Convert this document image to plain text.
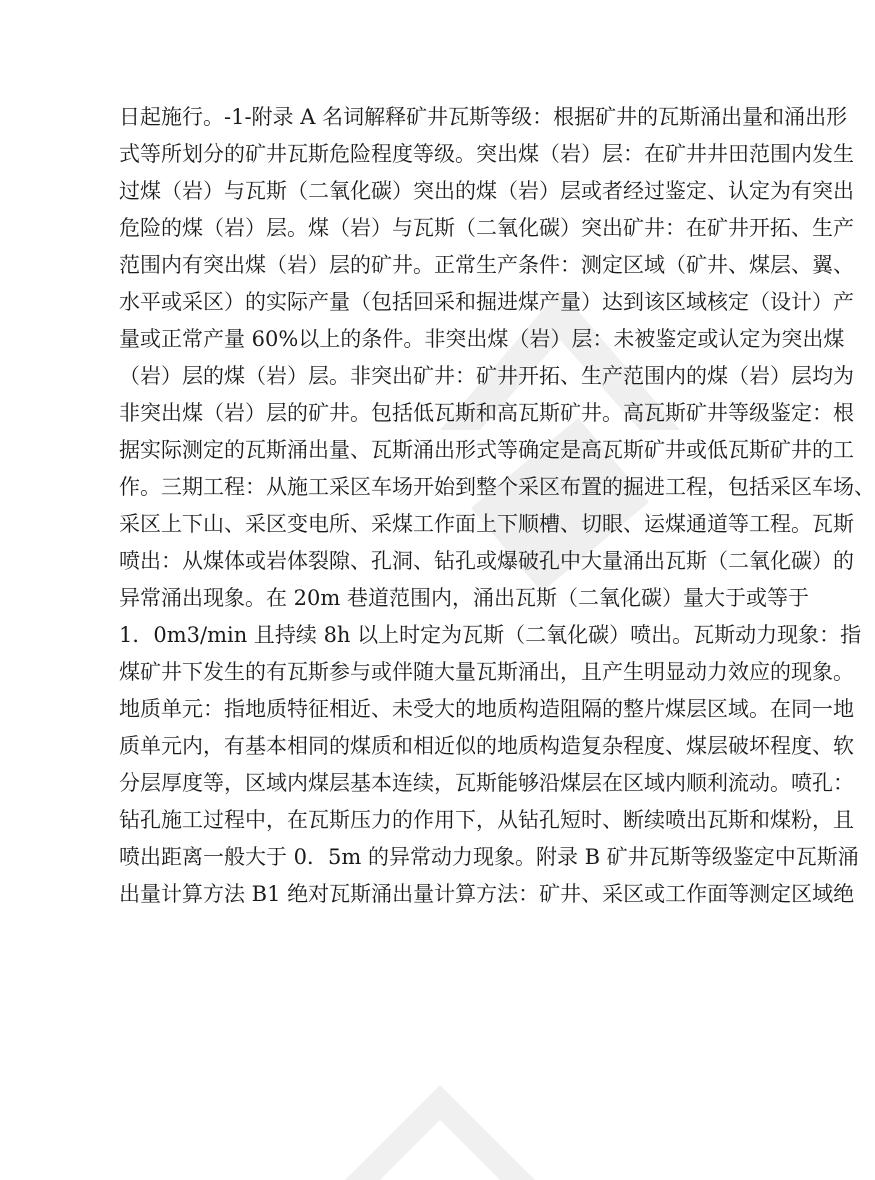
日起施行。-1-附录 A 名词解释矿井瓦斯等级：根据矿井的瓦斯涌出量和涌出形
式等所划分的矿井瓦斯危险程度等级。突出煤（岩）层：在矿井井田范围内发生
过煤（岩）与瓦斯（二氧化碳）突出的煤（岩）层或者经过鉴定、认定为有突出
危险的煤（岩）层。煤（岩）与瓦斯（二氧化碳）突出矿井：在矿井开拓、生产
范围内有突出煤（岩）层的矿井。正常生产条件：测定区域（矿井、煤层、翼、
水平或采区）的实际产量（包括回采和掘进煤产量）达到该区域核定（设计）产
量或正常产量 60%以上的条件。非突出煤（岩）层：未被鉴定或认定为突出煤
（岩）层的煤（岩）层。非突出矿井：矿井开拓、生产范围内的煤（岩）层均为
非突出煤（岩）层的矿井。包括低瓦斯和高瓦斯矿井。高瓦斯矿井等级鉴定：根
据实际测定的瓦斯涌出量、瓦斯涌出形式等确定是高瓦斯矿井或低瓦斯矿井的工
作。三期工程：从施工采区车场开始到整个采区布置的掘进工程，包括采区车场、
采区上下山、采区变电所、采煤工作面上下顺槽、切眼、运煤通道等工程。瓦斯
喷出：从煤体或岩体裂隙、孔洞、钻孔或爆破孔中大量涌出瓦斯（二氧化碳）的
异常涌出现象。在 20m 巷道范围内，涌出瓦斯（二氧化碳）量大于或等于
1．0m3/min 且持续 8h 以上时定为瓦斯（二氧化碳）喷出。瓦斯动力现象：指
煤矿井下发生的有瓦斯参与或伴随大量瓦斯涌出，且产生明显动力效应的现象。
地质单元：指地质特征相近、未受大的地质构造阻隔的整片煤层区域。在同一地
质单元内，有基本相同的煤质和相近似的地质构造复杂程度、煤层破坏程度、软
分层厚度等，区域内煤层基本连续，瓦斯能够沿煤层在区域内顺利流动。喷孔：
钻孔施工过程中，在瓦斯压力的作用下，从钻孔短时、断续喷出瓦斯和煤粉，且
喷出距离一般大于 0．5m 的异常动力现象。附录 B 矿井瓦斯等级鉴定中瓦斯涌
出量计算方法 B1 绝对瓦斯涌出量计算方法：矿井、采区或工作面等测定区域绝
